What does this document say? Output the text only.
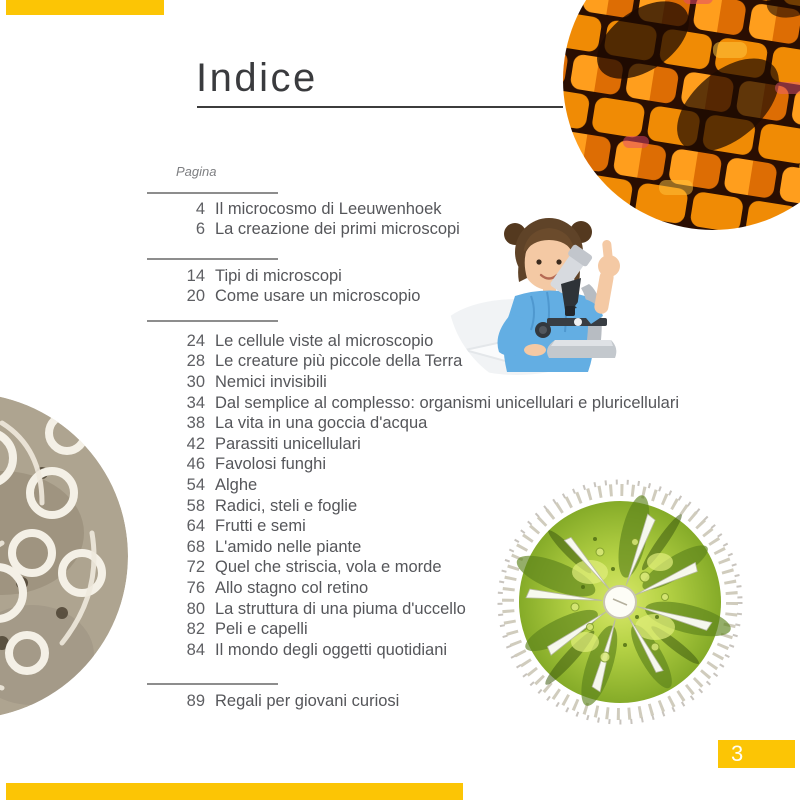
Indice
Pagina
4 Il microcosmo di Leeuwenhoek
6 La creazione dei primi microscopi
14 Tipi di microscopi
20 Come usare un microscopio
24 Le cellule viste al microscopio
28 Le creature più piccole della Terra
30 Nemici invisibili
34 Dal semplice al complesso: organismi unicellulari e pluricellulari
38 La vita in una goccia d'acqua
42 Parassiti unicellulari
46 Favolosi funghi
54 Alghe
58 Radici, steli e foglie
64 Frutti e semi
68 L'amido nelle piante
72 Quel che striscia, vola e morde
76 Allo stagno col retino
80 La struttura di una piuma d'uccello
82 Peli e capelli
84 Il mondo degli oggetti quotidiani
89 Regali per giovani curiosi
3
